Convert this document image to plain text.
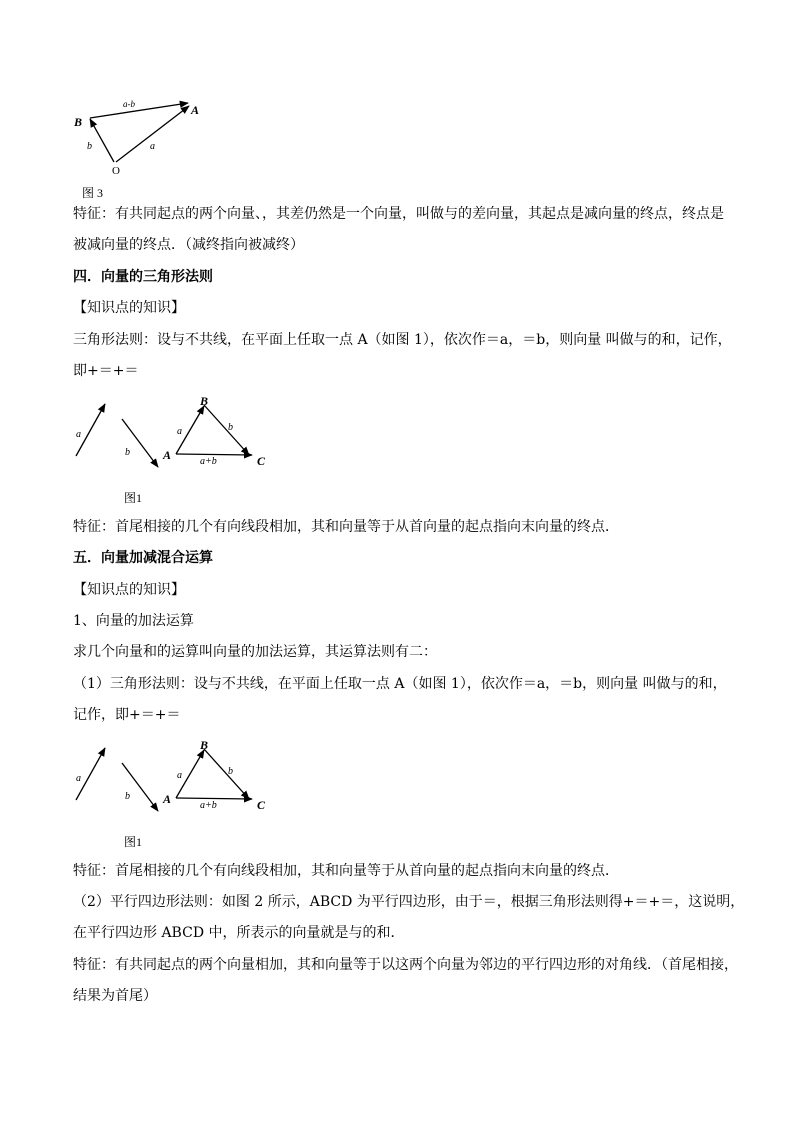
B
A
O
a-b
b	a
图 3
特征：有共同起点的两个向量、，其差仍然是一个向量，叫做与的差向量，其起点是减向量的终点，终点是
被减向量的终点．（减终指向被减终）
四．向量的三角形法则
【知识点的知识】
三角形法则：设与不共线，在平面上任取一点 A（如图 1），依次作＝a，＝b，则向量 叫做与的和，记作，
即+＝+＝
a
b
B
A	C
a	b
a+b
图1
特征：首尾相接的几个有向线段相加，其和向量等于从首向量的起点指向末向量的终点．
五．向量加减混合运算
【知识点的知识】
1、向量的加法运算
求几个向量和的运算叫向量的加法运算，其运算法则有二：
（1）三角形法则：设与不共线，在平面上任取一点 A（如图 1），依次作＝a，＝b，则向量 叫做与的和，
记作，即+＝+＝
a
b
B
A	C
a	b
a+b
图1
特征：首尾相接的几个有向线段相加，其和向量等于从首向量的起点指向末向量的终点．
（2）平行四边形法则：如图 2 所示，ABCD 为平行四边形，由于＝，根据三角形法则得+＝+＝，这说明，
在平行四边形 ABCD 中，所表示的向量就是与的和．
特征：有共同起点的两个向量相加，其和向量等于以这两个向量为邻边的平行四边形的对角线．（首尾相接，
结果为首尾）
